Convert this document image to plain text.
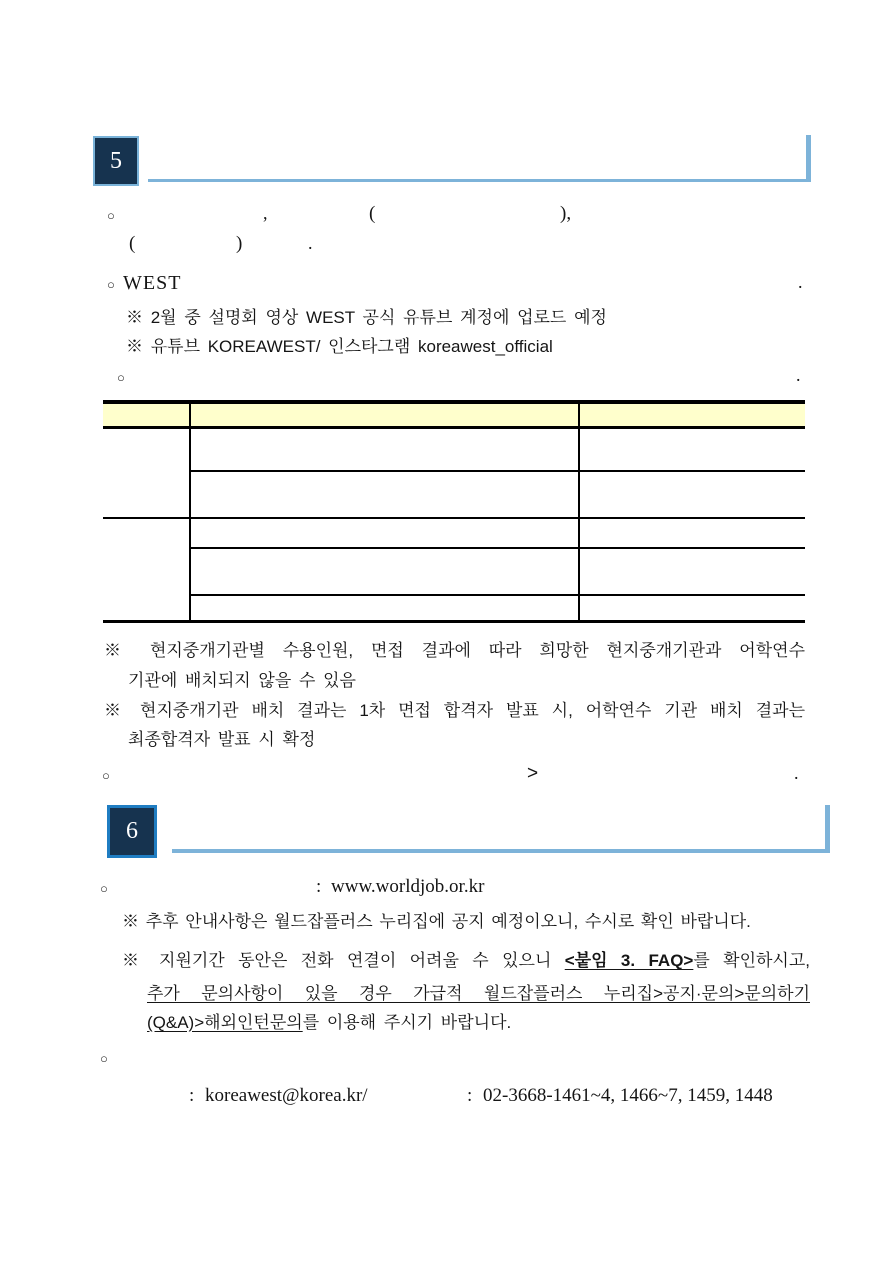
5
○	,	(	),
(	)	.
○ WEST	.
※ 2월 중 설명회 영상 WEST 공식 유튜브 계정에 업로드 예정
※ 유튜브 KOREAWEST/ 인스타그램 koreawest_official
○	.
※ 현지중개기관별 수용인원, 면접 결과에 따라 희망한 현지중개기관과 어학연수
기관에 배치되지 않을 수 있음
※ 현지중개기관 배치 결과는 1차 면접 합격자 발표 시, 어학연수 기관 배치 결과는
최종합격자 발표 시 확정
○	>	.
6
○	: www.worldjob.or.kr
※ 추후 안내사항은 월드잡플러스 누리집에 공지 예정이오니, 수시로 확인 바랍니다.
※ 지원기간 동안은 전화 연결이 어려울 수 있으니 <붙임 3. FAQ>를 확인하시고,
추가 문의사항이 있을 경우 가급적 월드잡플러스 누리집>공지·문의>문의하기
(Q&A)>해외인턴문의를 이용해 주시기 바랍니다.
○
: koreawest@korea.kr/	: 02-3668-1461~4, 1466~7, 1459, 1448
